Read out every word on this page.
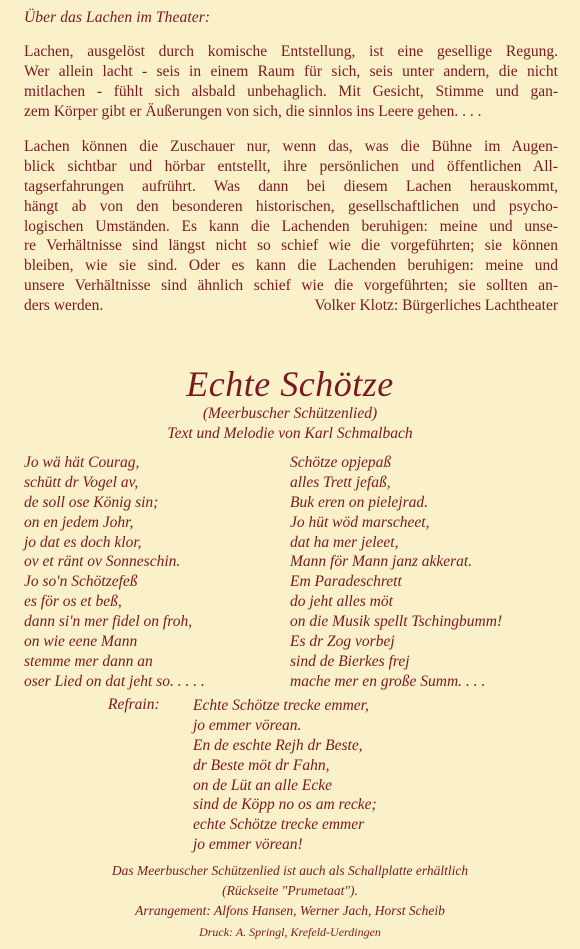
Über das Lachen im Theater:
Lachen, ausgelöst durch komische Entstellung, ist eine gesellige Regung.
Wer allein lacht - seis in einem Raum für sich, seis unter andern, die nicht
mitlachen - fühlt sich alsbald unbehaglich. Mit Gesicht, Stimme und gan-
zem Körper gibt er Äußerungen von sich, die sinnlos ins Leere gehen. . . .
Lachen können die Zuschauer nur, wenn das, was die Bühne im Augen-
blick sichtbar und hörbar entstellt, ihre persönlichen und öffentlichen All-
tagserfahrungen aufrührt. Was dann bei diesem Lachen herauskommt,
hängt ab von den besonderen historischen, gesellschaftlichen und psycho-
logischen Umständen. Es kann die Lachenden beruhigen: meine und unse-
re Verhältnisse sind längst nicht so schief wie die vorgeführten; sie können
bleiben, wie sie sind. Oder es kann die Lachenden beruhigen: meine und
unsere Verhältnisse sind ähnlich schief wie die vorgeführten; sie sollten an-
ders werden.	Volker Klotz: Bürgerliches Lachtheater
Echte Schötze
(Meerbuscher Schützenlied)
Text und Melodie von Karl Schmalbach
Jo wä hät Courag,
schütt dr Vogel av,
de soll ose König sin;
on en jedem Johr,
jo dat es doch klor,
ov et ränt ov Sonneschin.
Jo so'n Schötzefeß
es för os et beß,
dann si'n mer fidel on froh,
on wie eene Mann
stemme mer dann an
oser Lied on dat jeht so. . . . .
Schötze opjepaß
alles Trett jefaß,
Buk eren on pielejrad.
Jo hüt wöd marscheet,
dat ha mer jeleet,
Mann för Mann janz akkerat.
Em Paradeschrett
do jeht alles möt
on die Musik spellt Tschingbumm!
Es dr Zog vorbej
sind de Bierkes frej
mache mer en große Summ. . . .
Refrain: Echte Schötze trecke emmer,
jo emmer vörean.
En de eschte Rejh dr Beste,
dr Beste möt dr Fahn,
on de Lüt an alle Ecke
sind de Köpp no os am recke;
echte Schötze trecke emmer
jo emmer vörean!
Das Meerbuscher Schützenlied ist auch als Schallplatte erhältlich
(Rückseite "Prumetaat").
Arrangement: Alfons Hansen, Werner Jach, Horst Scheib
Druck: A. Springl, Krefeld-Uerdingen
